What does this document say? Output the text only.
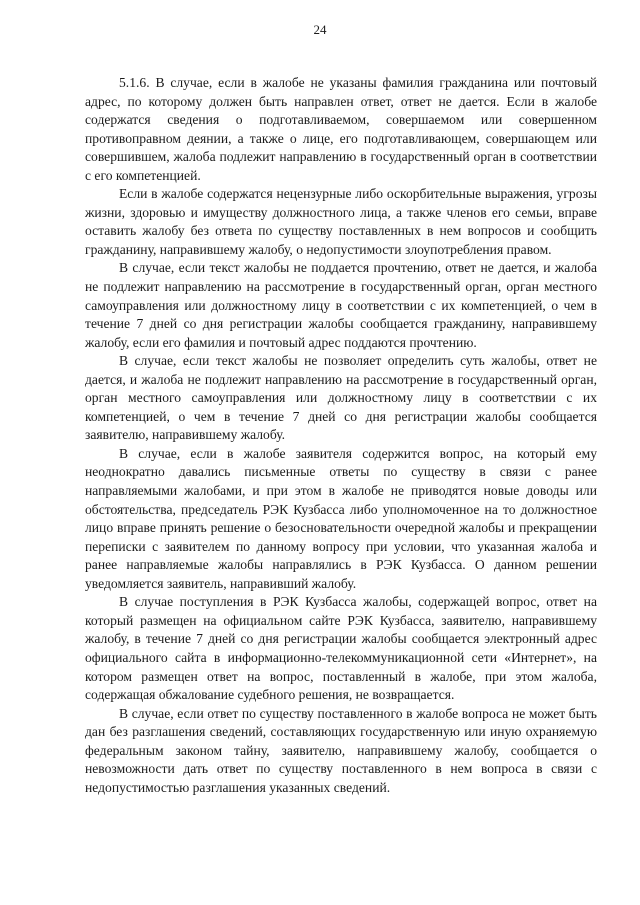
24

5.1.6. В случае, если в жалобе не указаны фамилия гражданина или почтовый адрес, по которому должен быть направлен ответ, ответ не дается. Если в жалобе содержатся сведения о подготавливаемом, совершаемом или совершенном противоправном деянии, а также о лице, его подготавливающем, совершающем или совершившем, жалоба подлежит направлению в государственный орган в соответствии с его компетенцией.

Если в жалобе содержатся нецензурные либо оскорбительные выражения, угрозы жизни, здоровью и имуществу должностного лица, а также членов его семьи, вправе оставить жалобу без ответа по существу поставленных в нем вопросов и сообщить гражданину, направившему жалобу, о недопустимости злоупотребления правом.

В случае, если текст жалобы не поддается прочтению, ответ не дается, и жалоба не подлежит направлению на рассмотрение в государственный орган, орган местного самоуправления или должностному лицу в соответствии с их компетенцией, о чем в течение 7 дней со дня регистрации жалобы сообщается гражданину, направившему жалобу, если его фамилия и почтовый адрес поддаются прочтению.

В случае, если текст жалобы не позволяет определить суть жалобы, ответ не дается, и жалоба не подлежит направлению на рассмотрение в государственный орган, орган местного самоуправления или должностному лицу в соответствии с их компетенцией, о чем в течение 7 дней со дня регистрации жалобы сообщается заявителю, направившему жалобу.

В случае, если в жалобе заявителя содержится вопрос, на который ему неоднократно давались письменные ответы по существу в связи с ранее направляемыми жалобами, и при этом в жалобе не приводятся новые доводы или обстоятельства, председатель РЭК Кузбасса либо уполномоченное на то должностное лицо вправе принять решение о безосновательности очередной жалобы и прекращении переписки с заявителем по данному вопросу при условии, что указанная жалоба и ранее направляемые жалобы направлялись в РЭК Кузбасса. О данном решении уведомляется заявитель, направивший жалобу.

В случае поступления в РЭК Кузбасса жалобы, содержащей вопрос, ответ на который размещен на официальном сайте РЭК Кузбасса, заявителю, направившему жалобу, в течение 7 дней со дня регистрации жалобы сообщается электронный адрес официального сайта в информационно-телекоммуникационной сети «Интернет», на котором размещен ответ на вопрос, поставленный в жалобе, при этом жалоба, содержащая обжалование судебного решения, не возвращается.

В случае, если ответ по существу поставленного в жалобе вопроса не может быть дан без разглашения сведений, составляющих государственную или иную охраняемую федеральным законом тайну, заявителю, направившему жалобу, сообщается о невозможности дать ответ по существу поставленного в нем вопроса в связи с недопустимостью разглашения указанных сведений.
